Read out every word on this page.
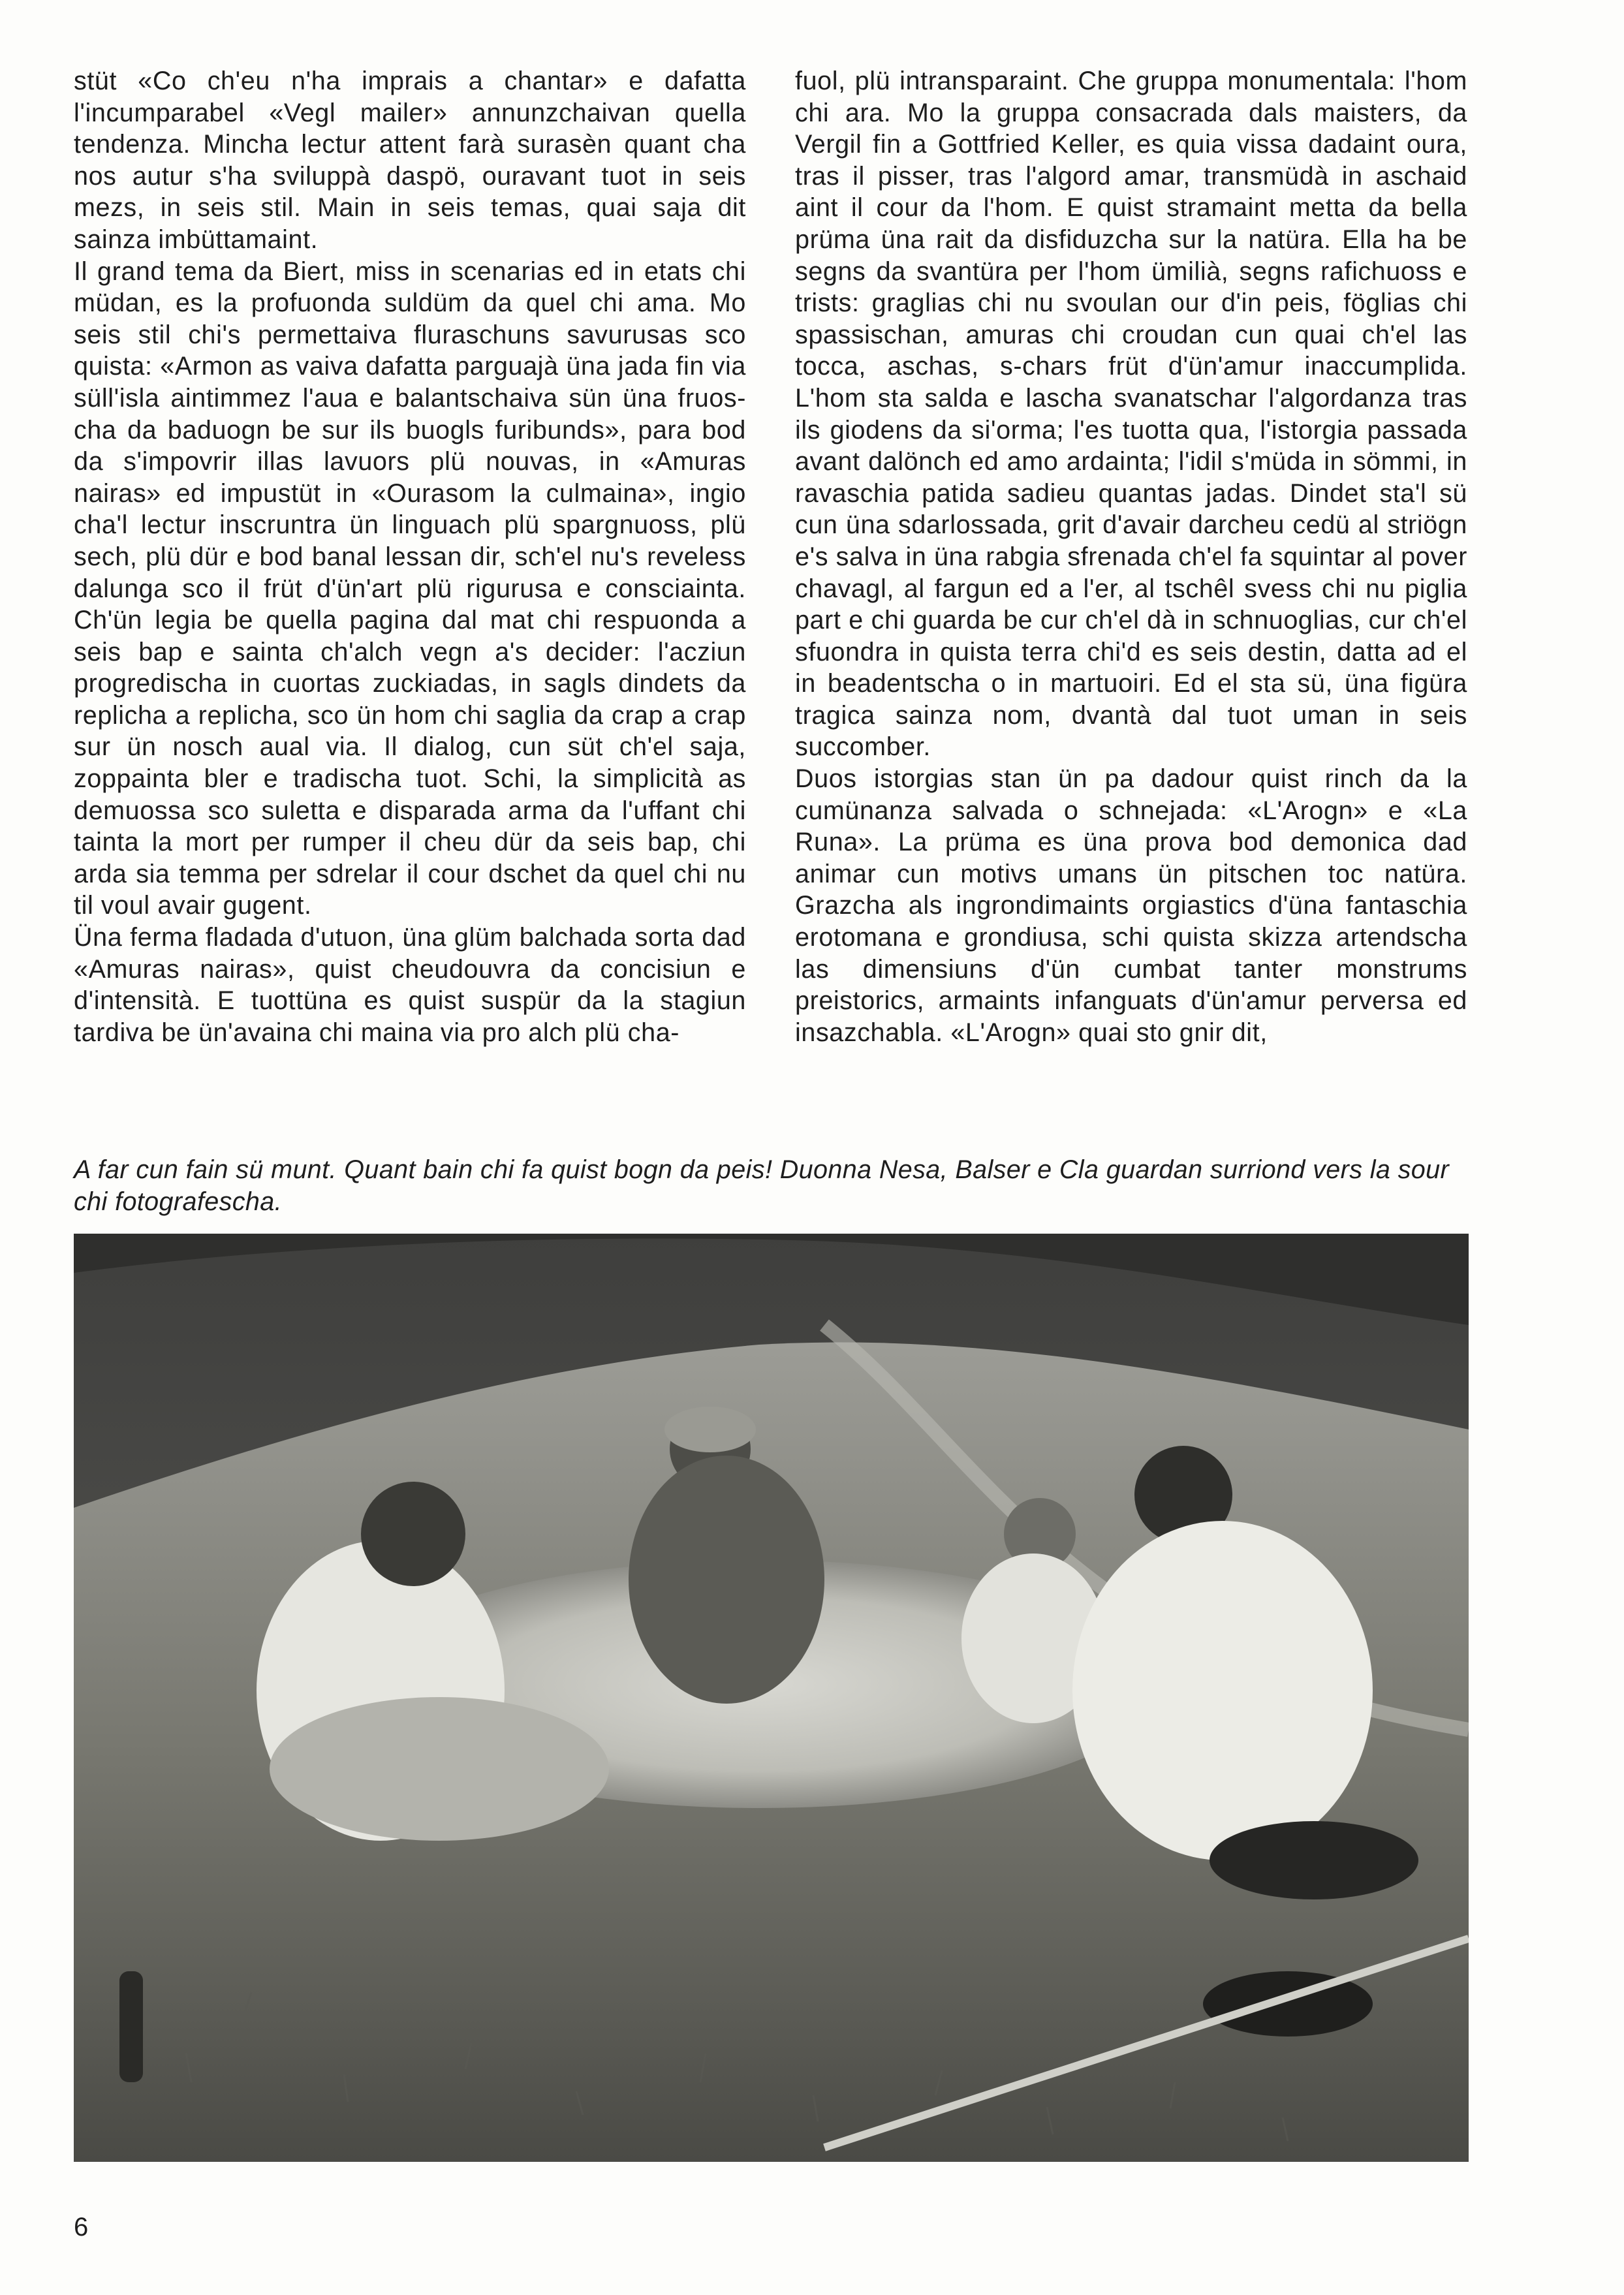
stüt «Co ch'eu n'ha imprais a chantar» e dafatta l'incumparabel «Vegl mailer» annunzchaivan quella tendenza. Mincha lectur attent farà surasèn quant cha nos autur s'ha sviluppà daspö, ouravant tuot in seis mezs, in seis stil. Main in seis temas, quai saja dit sainza imbüttamaint.

Il grand tema da Biert, miss in scenarias ed in etats chi müdan, es la profuonda suldüm da quel chi ama. Mo seis stil chi's permettaiva fluraschuns savurusas sco quista: «Armon as vaiva dafatta parguajà üna jada fin via süll'isla aintimmez l'aua e balantschaiva sün üna fruos-cha da baduogn be sur ils buogls furibunds», para bod da s'impovrir illas lavuors plü nouvas, in «Amuras nairas» ed impustüt in «Ourasom la culmaina», ingio cha'l lectur inscruntra ün linguach plü spargnuoss, plü sech, plü dür e bod banal lessan dir, sch'el nu's reveless dalunga sco il früt d'ün'art plü rigurusa e consciainta. Ch'ün legia be quella pagina dal mat chi respuonda a seis bap e sainta ch'alch vegn a's decider: l'acziun progredischa in cuortas zuckiadas, in sagls dindets da replicha a replicha, sco ün hom chi saglia da crap a crap sur ün nosch aual via. Il dialog, cun süt ch'el saja, zoppainta bler e tradischa tuot. Schi, la simplicità as demuossa sco suletta e disparada arma da l'uffant chi tainta la mort per rumper il cheu dür da seis bap, chi arda sia temma per sdrelar il cour dschet da quel chi nu til voul avair gugent.

Üna ferma fladada d'utuon, üna glüm balchada sorta dad «Amuras nairas», quist cheudouvra da concisiun e d'intensità. E tuottüna es quist suspür da la stagiun tardiva be ün'avaina chi maina via pro alch plü cha-

fuol, plü intransparaint. Che gruppa monumentala: l'hom chi ara. Mo la gruppa consacrada dals maisters, da Vergil fin a Gottfried Keller, es quia vissa dadaint oura, tras il pisser, tras l'algord amar, transmüdà in aschaid aint il cour da l'hom. E quist stramaint metta da bella prüma üna rait da disfiduzcha sur la natüra. Ella ha be segns da svantüra per l'hom ümilià, segns rafichuoss e trists: graglias chi nu svoulan our d'in peis, föglias chi spassischan, amuras chi croudan cun quai ch'el las tocca, aschas, s-chars früt d'ün'amur inaccumplida. L'hom sta salda e lascha svanatschar l'algordanza tras ils giodens da si'orma; l'es tuotta qua, l'istorgia passada avant dalönch ed amo ardainta; l'idil s'müda in sömmi, in ravaschia patida sadieu quantas jadas. Dindet sta'l sü cun üna sdarlossada, grit d'avair darcheu cedü al striögn e's salva in üna rabgia sfrenada ch'el fa squintar al pover chavagl, al fargun ed a l'er, al tschêl svess chi nu piglia part e chi guarda be cur ch'el dà in schnuoglias, cur ch'el sfuondra in quista terra chi'd es seis destin, datta ad el in beadentscha o in martuoiri. Ed el sta sü, üna figüra tragica sainza nom, dvantà dal tuot uman in seis succomber.

Duos istorgias stan ün pa dadour quist rinch da la cumünanza salvada o schnejada: «L'Arogn» e «La Runa». La prüma es üna prova bod demonica dad animar cun motivs umans ün pitschen toc natüra. Grazcha als ingrondimaints orgiastics d'üna fantaschia erotomana e grondiusa, schi quista skizza artendscha las dimensiuns d'ün cumbat tanter monstrums preistorics, armaints infanguats d'ün'amur perversa ed insazchabla. «L'Arogn» quai sto gnir dit,

A far cun fain sü munt. Quant bain chi fa quist bogn da peis! Duonna Nesa, Balser e Cla guardan surriond vers la sour chi fotografescha.
6
